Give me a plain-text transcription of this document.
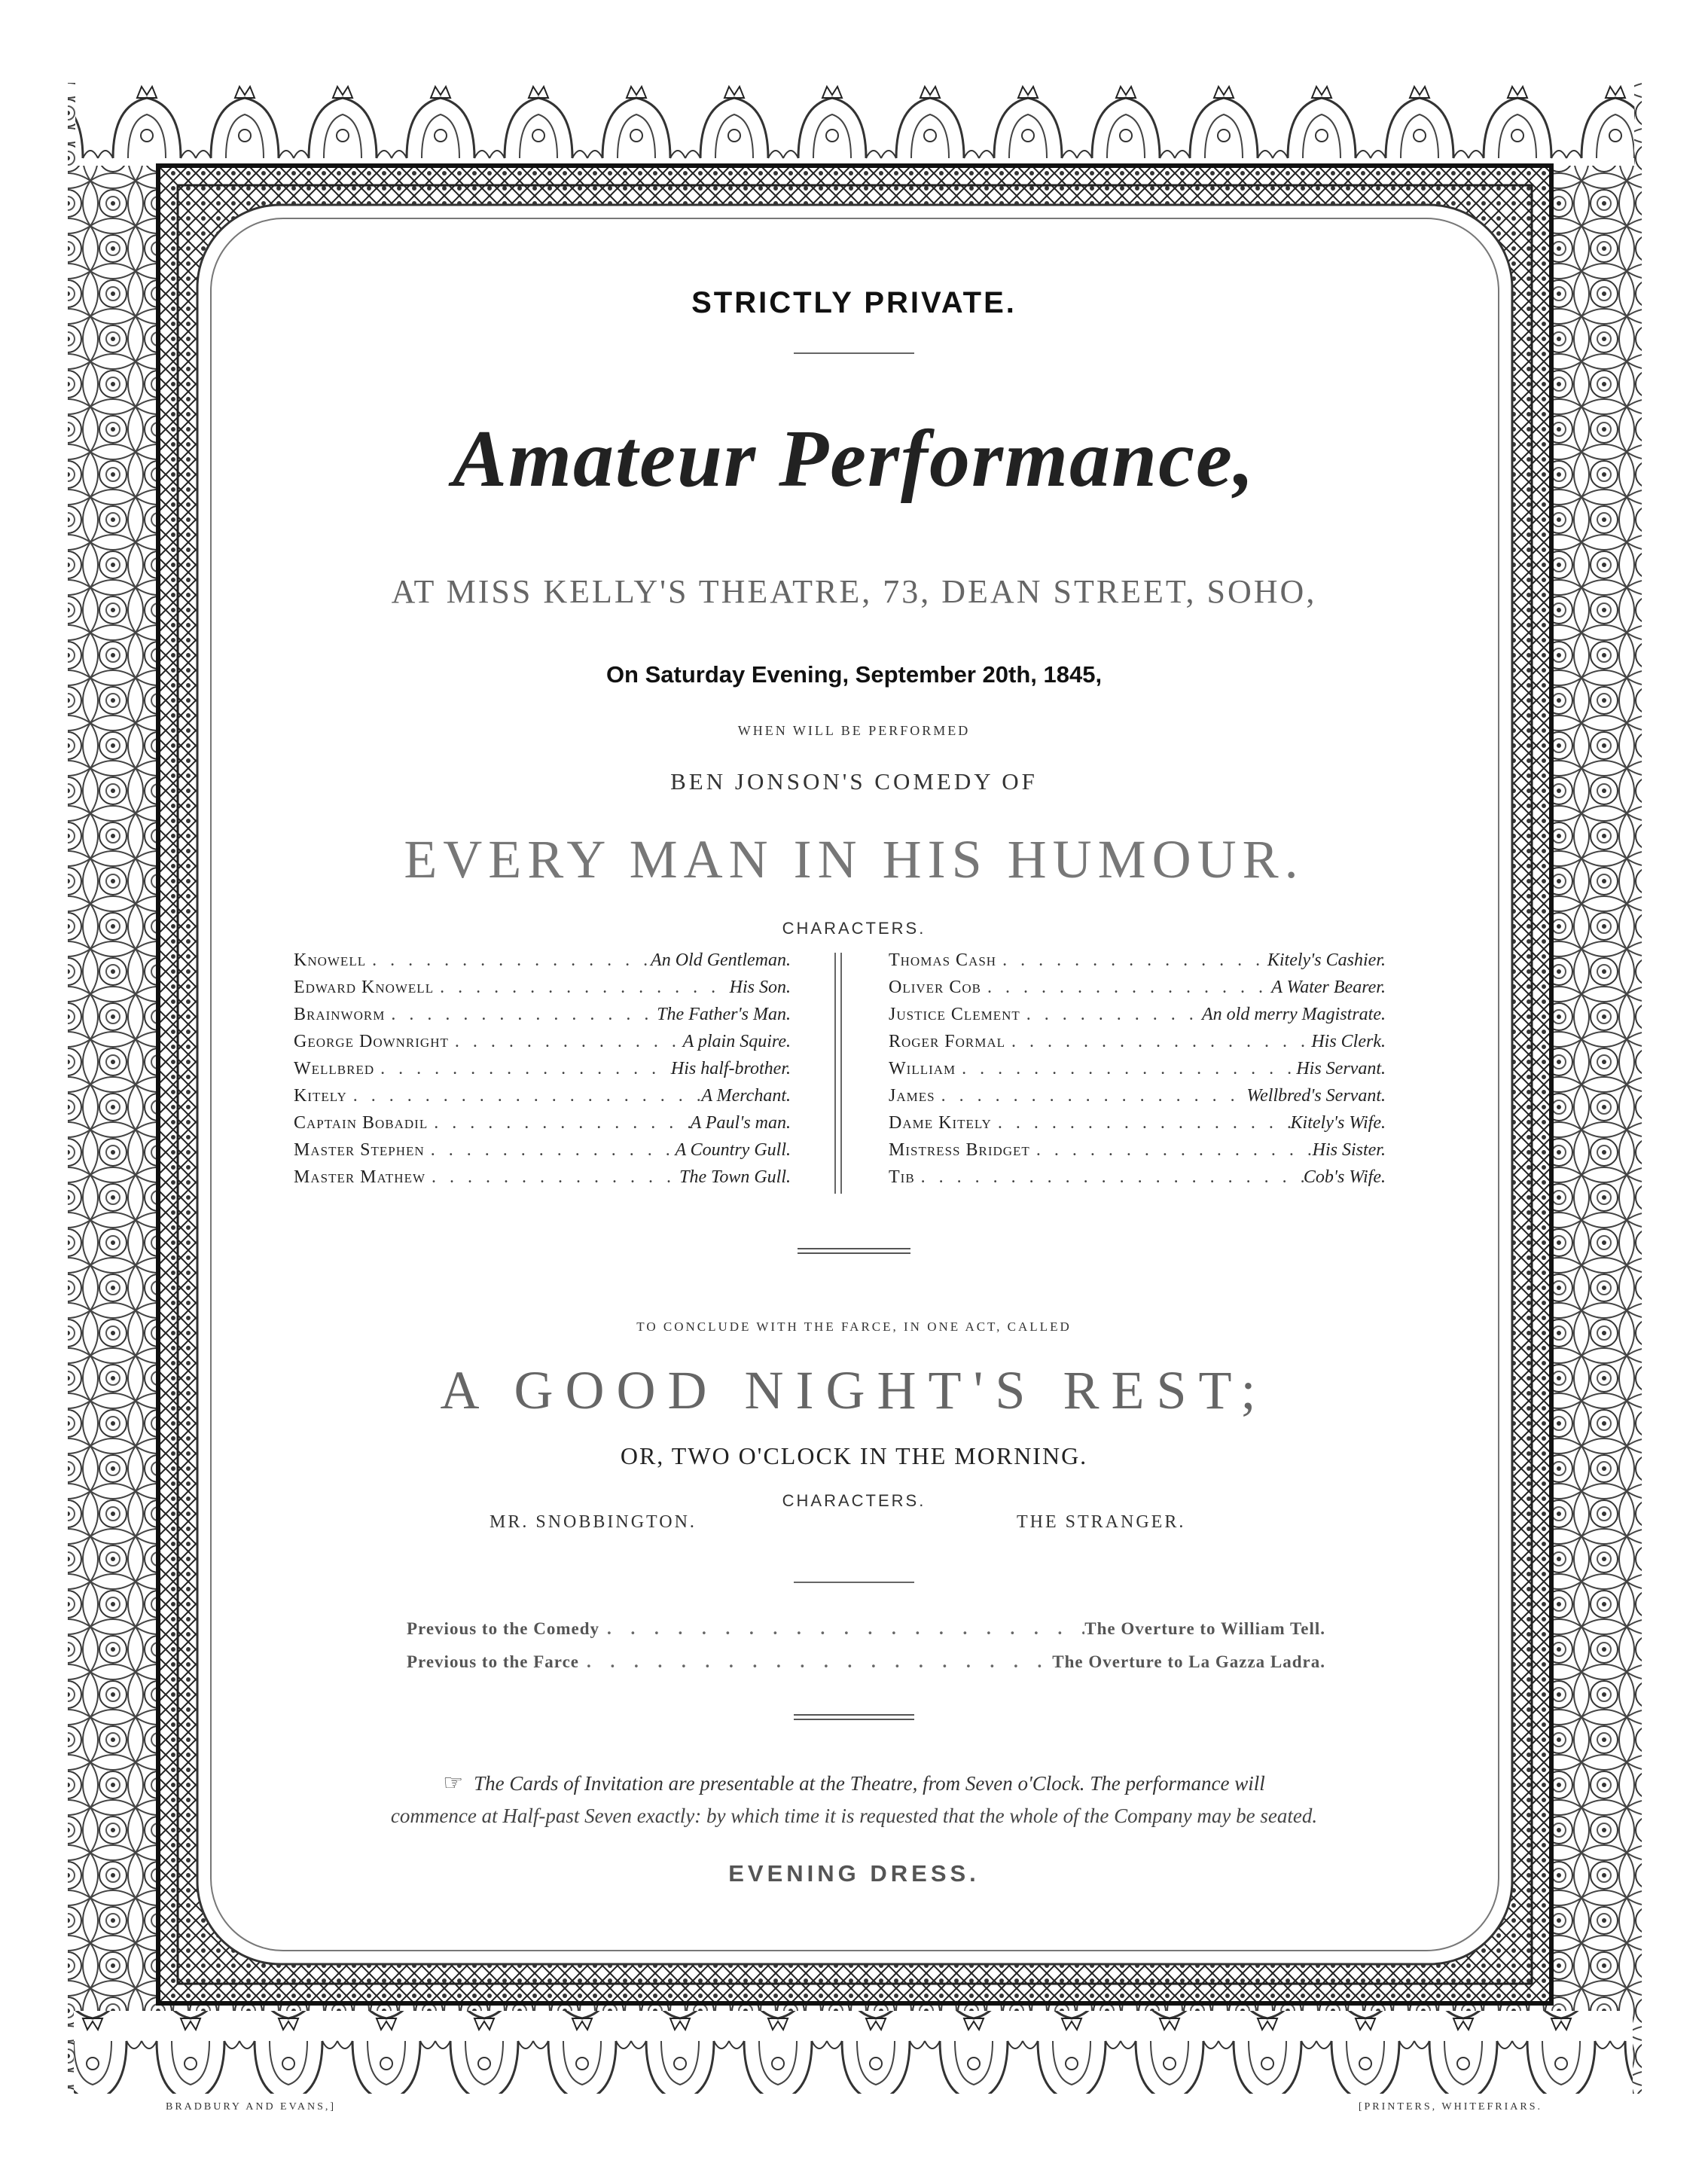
STRICTLY PRIVATE.
Amateur Performance,
AT MISS KELLY'S THEATRE, 73, DEAN STREET, SOHO,
On Saturday Evening, September 20th, 1845,
WHEN WILL BE PERFORMED
BEN JONSON'S COMEDY OF
EVERY MAN IN HIS HUMOUR.
CHARACTERS.
Knowell . . .	An Old Gentleman.
Edward Knowell . . .	His Son.
Brainworm . . .	The Father's Man.
George Downright . . .	A plain Squire.
Wellbred . . .	His half-brother.
Kitely . . .	A Merchant.
Captain Bobadil . . .	A Paul's man.
Master Stephen . . .	A Country Gull.
Master Mathew . . .	The Town Gull.
Thomas Cash . . .	Kitely's Cashier.
Oliver Cob . . .	A Water Bearer.
Justice Clement . . .	An old merry Magistrate.
Roger Formal . . .	His Clerk.
William . . .	His Servant.
James . . .	Wellbred's Servant.
Dame Kitely . . .	Kitely's Wife.
Mistress Bridget . . .	His Sister.
Tib . . .	Cob's Wife.
TO CONCLUDE WITH THE FARCE, IN ONE ACT, CALLED
A GOOD NIGHT'S REST;
OR, TWO O'CLOCK IN THE MORNING.
CHARACTERS.
MR. SNOBBINGTON.	THE STRANGER.
Previous to the Comedy . . .	The Overture to William Tell.
Previous to the Farce . . .	The Overture to La Gazza Ladra.
☞ The Cards of Invitation are presentable at the Theatre, from Seven o'Clock. The performance will
commence at Half-past Seven exactly: by which time it is requested that the whole of the Company may be seated.
EVENING DRESS.
BRADBURY AND EVANS,]	[PRINTERS, WHITEFRIARS.
